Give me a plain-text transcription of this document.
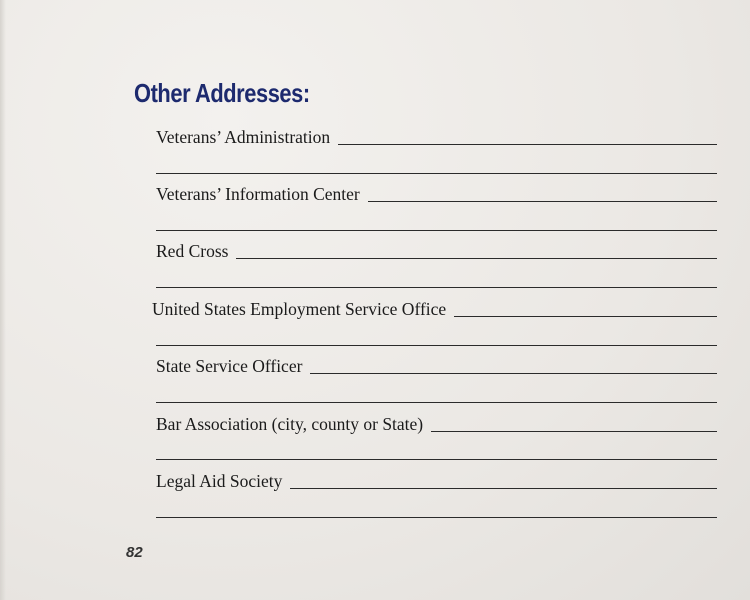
Other Addresses:
Veterans’ Administration
Veterans’ Information Center
Red Cross
United States Employment Service Office
State Service Officer
Bar Association (city, county or State)
Legal Aid Society
82
